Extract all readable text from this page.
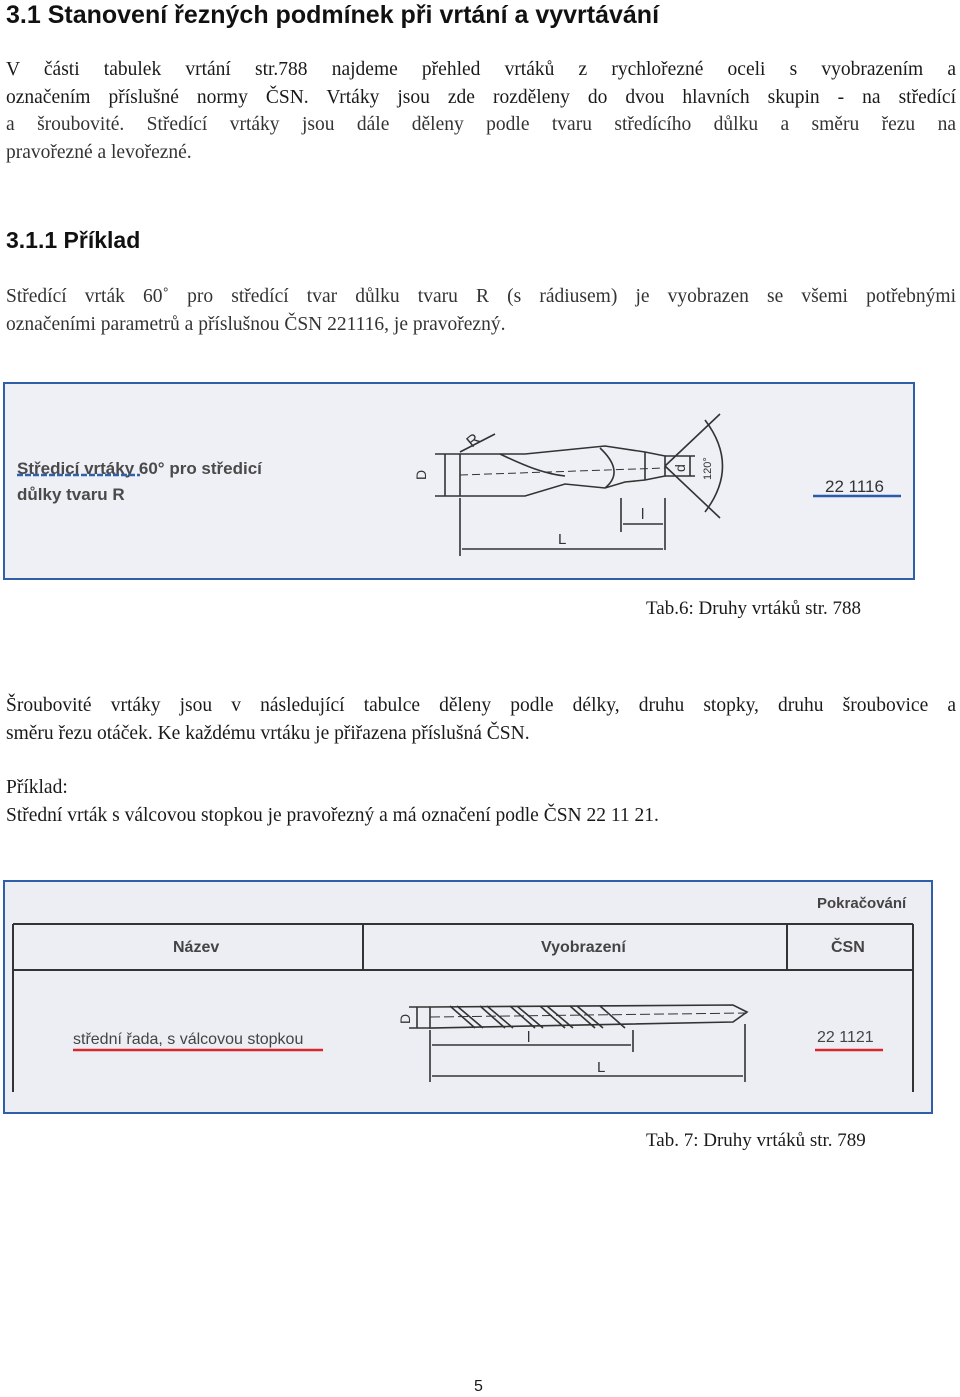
3.1 Stanovení řezných podmínek při vrtání a vyvrtávání
V části tabulek vrtání str.788 najdeme přehled vrtáků z rychlořezné oceli s vyobrazením a
označením příslušné normy ČSN. Vrtáky jsou zde rozděleny do dvou hlavních skupin - na středící
a šroubovité. Středící vrtáky jsou dále děleny podle tvaru středícího důlku a směru řezu na
pravořezné a levořezné.
3.1.1 Příklad
Středící vrták 60˚ pro středící tvar důlku tvaru R (s rádiusem) je vyobrazen se všemi potřebnými
označeními parametrů a příslušnou ČSN 221116, je pravořezný.
Středicí vrtáky 60° pro středicí
důlky tvaru R
R
D
d 120°
l
L
22 1116
Tab.6: Druhy vrtáků str. 788
Šroubovité vrtáky jsou v následující tabulce děleny podle délky, druhu stopky, druhu šroubovice a
směru řezu otáček. Ke každému vrtáku je přiřazena příslušná ČSN.
Příklad:
Střední vrták s válcovou stopkou je pravořezný a má označení podle ČSN 22 11 21.
Pokračování
Název	Vyobrazení	ČSN
střední řada, s válcovou stopkou
D
l
L
22 1121
Tab. 7: Druhy vrtáků str. 789
5
